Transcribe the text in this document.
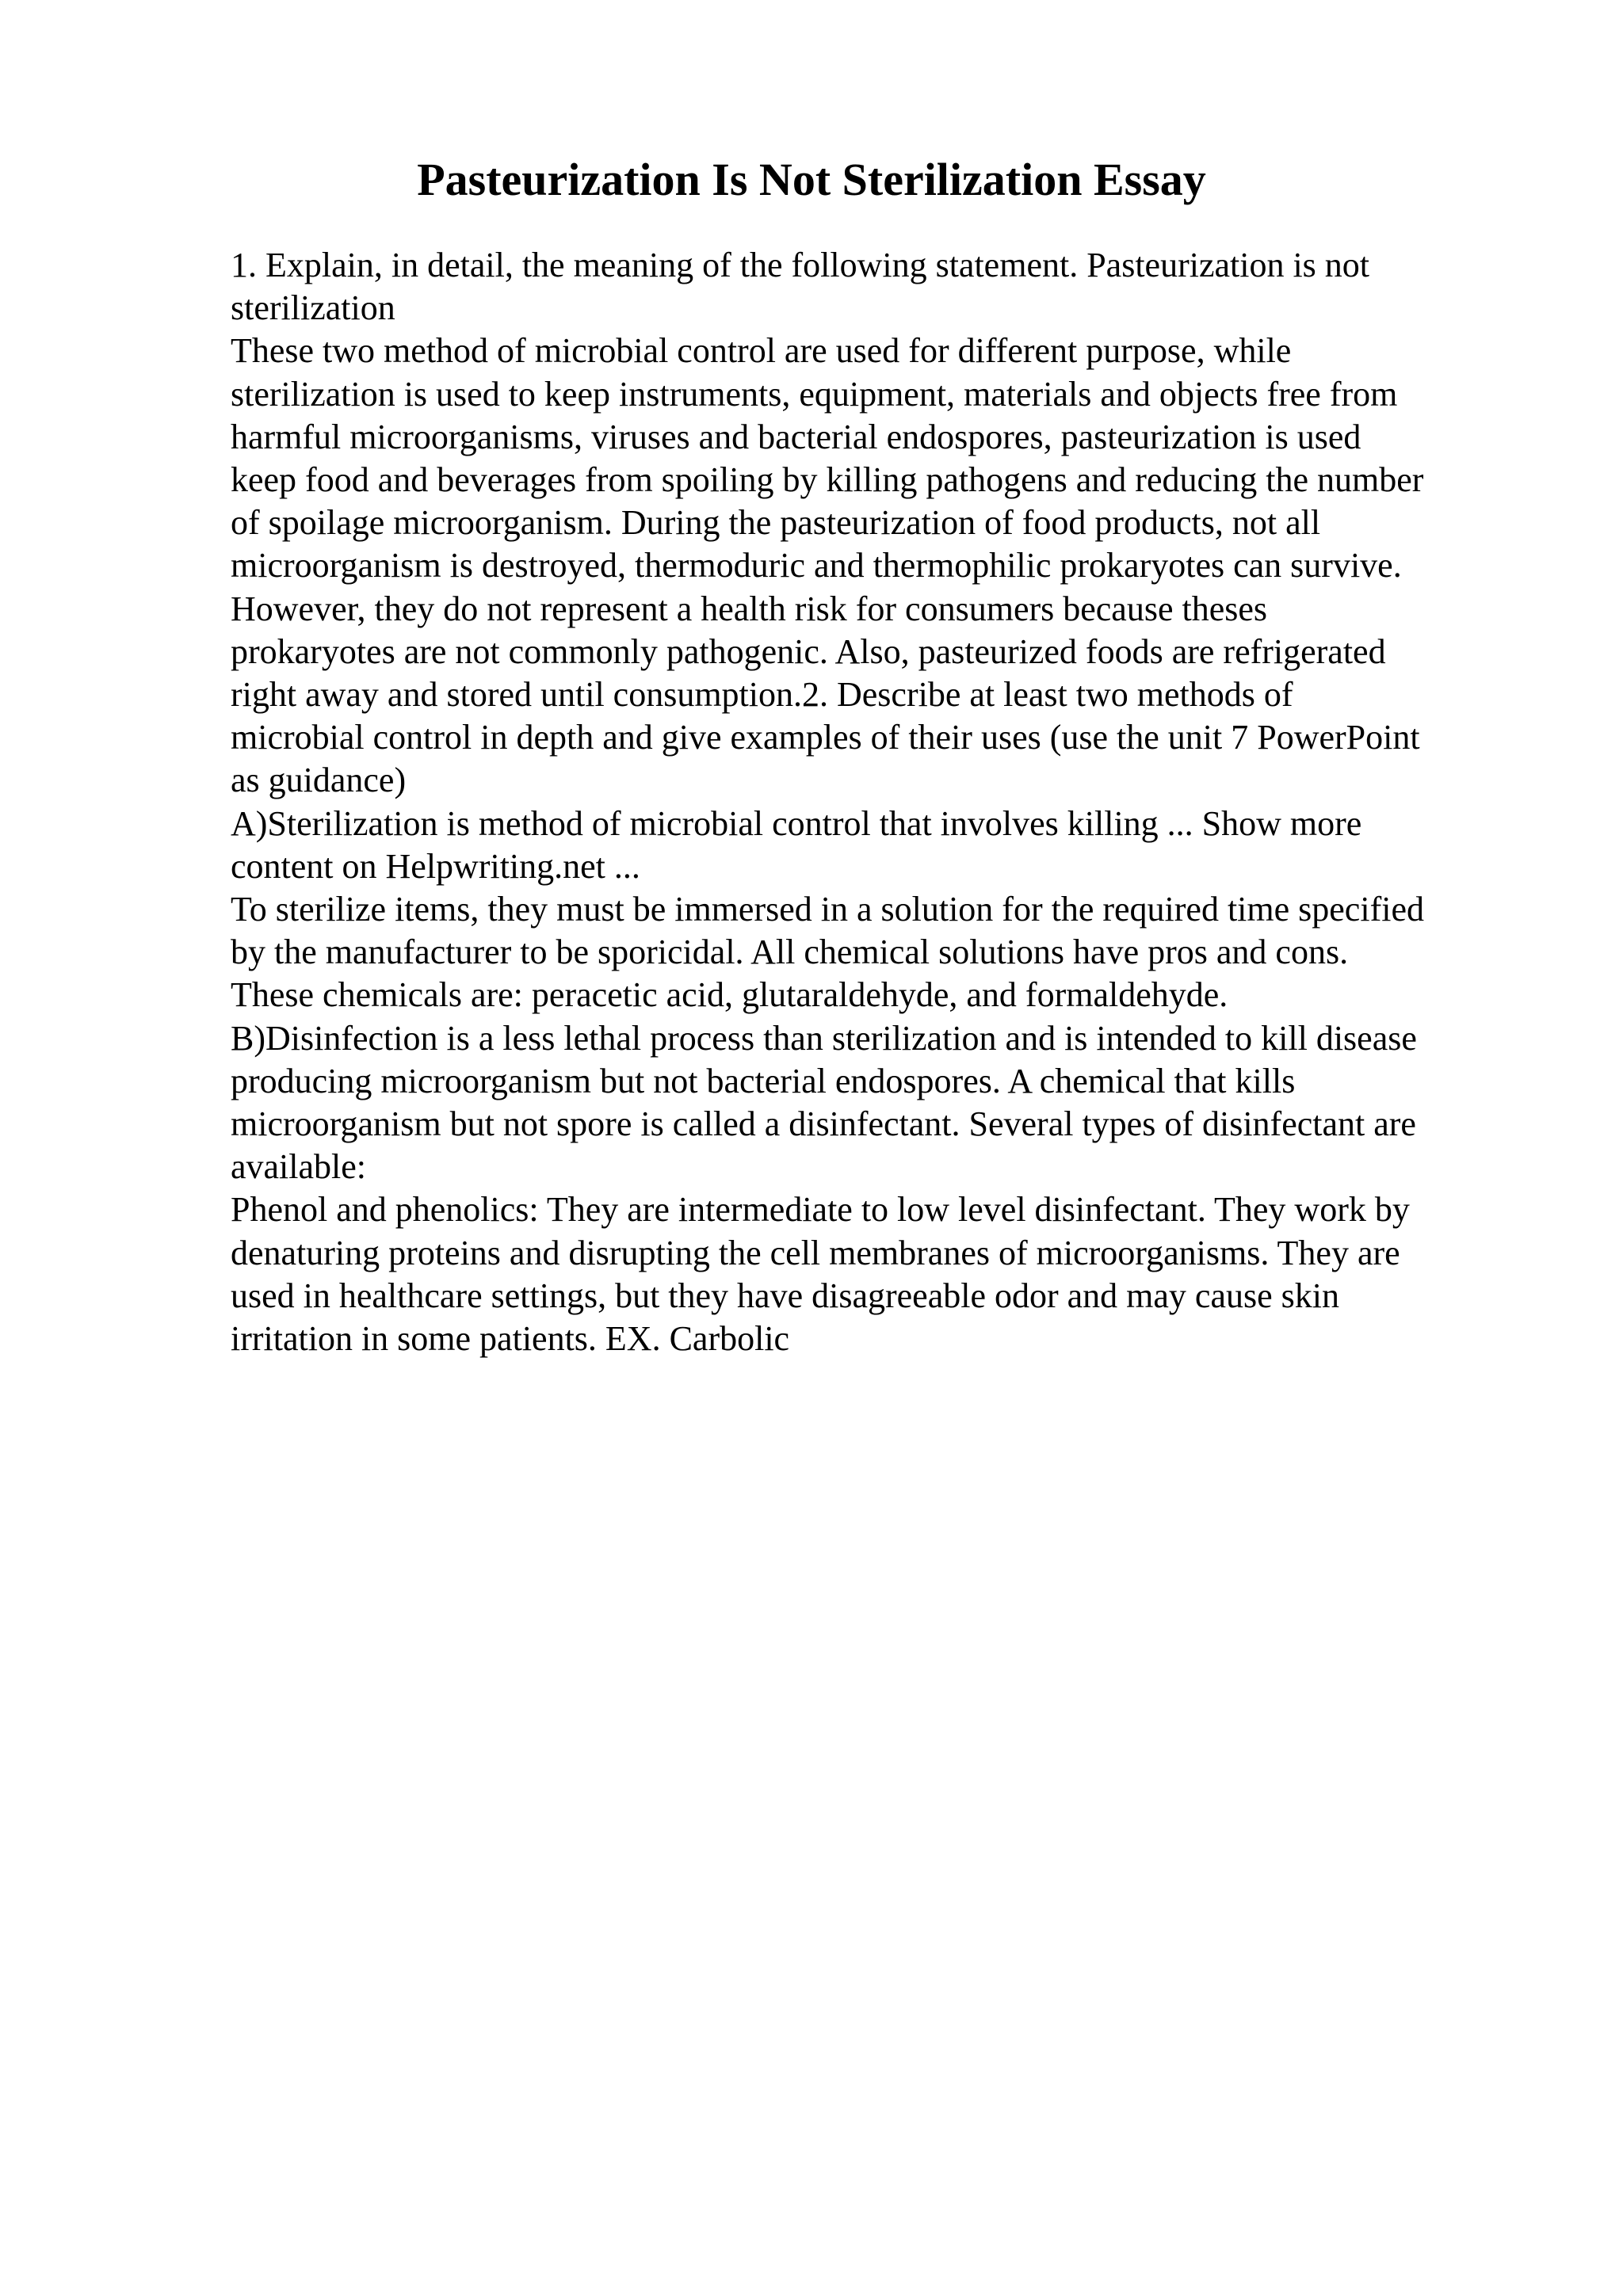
Pasteurization Is Not Sterilization Essay
1. Explain, in detail, the meaning of the following statement. Pasteurization is not
sterilization
These two method of microbial control are used for different purpose, while
sterilization is used to keep instruments, equipment, materials and objects free from
harmful microorganisms, viruses and bacterial endospores, pasteurization is used
keep food and beverages from spoiling by killing pathogens and reducing the number
of spoilage microorganism. During the pasteurization of food products, not all
microorganism is destroyed, thermoduric and thermophilic prokaryotes can survive.
However, they do not represent a health risk for consumers because theses
prokaryotes are not commonly pathogenic. Also, pasteurized foods are refrigerated
right away and stored until consumption.2. Describe at least two methods of
microbial control in depth and give examples of their uses (use the unit 7 PowerPoint
as guidance)
A)Sterilization is method of microbial control that involves killing ... Show more
content on Helpwriting.net ...
To sterilize items, they must be immersed in a solution for the required time specified
by the manufacturer to be sporicidal. All chemical solutions have pros and cons.
These chemicals are: peracetic acid, glutaraldehyde, and formaldehyde.
B)Disinfection is a less lethal process than sterilization and is intended to kill disease
producing microorganism but not bacterial endospores. A chemical that kills
microorganism but not spore is called a disinfectant. Several types of disinfectant are
available:
Phenol and phenolics: They are intermediate to low level disinfectant. They work by
denaturing proteins and disrupting the cell membranes of microorganisms. They are
used in healthcare settings, but they have disagreeable odor and may cause skin
irritation in some patients. EX. Carbolic
